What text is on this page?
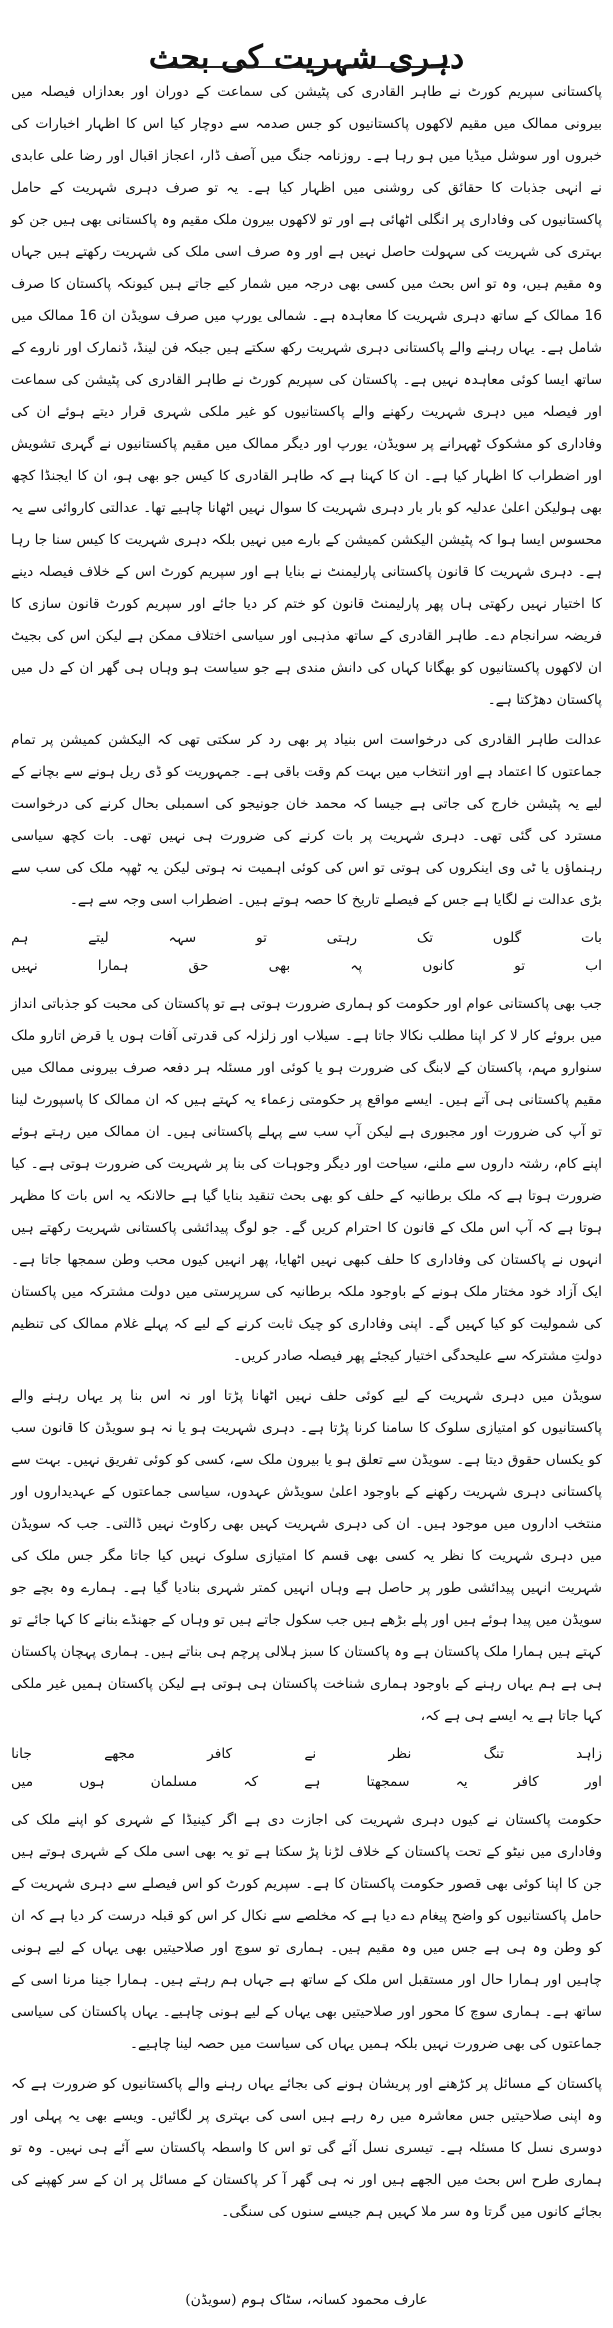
دہری شہریت کی بحث

پاکستانی سپریم کورٹ نے طاہر القادری کی پٹیشن کی سماعت کے دوران اور بعدازاں فیصلہ میں بیرونی ممالک میں مقیم لاکھوں پاکستانیوں کو جس صدمہ سے دوچار کیا اس کا اظہار اخبارات کی خبروں اور سوشل میڈیا میں ہو رہا ہے۔ روزنامہ جنگ میں آصف ڈار، اعجاز اقبال اور رضا علی عابدی نے انہی جذبات کا حقائق کی روشنی میں اظہار کیا ہے۔ یہ تو صرف دہری شہریت کے حامل پاکستانیوں کی وفاداری پر انگلی اٹھائی ہے اور تو لاکھوں بیرون ملک مقیم وہ پاکستانی بھی ہیں جن کو بہتری کی شہریت کی سہولت حاصل نہیں ہے اور وہ صرف اسی ملک کی شہریت رکھتے ہیں جہاں وہ مقیم ہیں، وہ تو اس بحث میں کسی بھی درجہ میں شمار کیے جاتے ہیں کیونکہ پاکستان کا صرف 16 ممالک کے ساتھ دہری شہریت کا معاہدہ ہے۔ شمالی یورپ میں صرف سویڈن ان 16 ممالک میں شامل ہے۔ یہاں رہنے والے پاکستانی دہری شہریت رکھ سکتے ہیں جبکہ فن لینڈ، ڈنمارک اور ناروے کے ساتھ ایسا کوئی معاہدہ نہیں ہے۔ پاکستان کی سپریم کورٹ نے طاہر القادری کی پٹیشن کی سماعت اور فیصلہ میں دہری شہریت رکھنے والے پاکستانیوں کو غیر ملکی شہری قرار دیتے ہوئے ان کی وفاداری کو مشکوک ٹھہرانے پر سویڈن، یورپ اور دیگر ممالک میں مقیم پاکستانیوں نے گہری تشویش اور اضطراب کا اظہار کیا ہے۔ ان کا کہنا ہے کہ طاہر القادری کا کیس جو بھی ہو، ان کا ایجنڈا کچھ بھی ہولیکن اعلیٰ عدلیہ کو بار بار دہری شہریت کا سوال نہیں اٹھانا چاہیے تھا۔ عدالتی کاروائی سے یہ محسوس ایسا ہوا کہ پٹیشن الیکشن کمیشن کے بارے میں نہیں بلکہ دہری شہریت کا کیس سنا جا رہا ہے۔ دہری شہریت کا قانون پاکستانی پارلیمنٹ نے بنایا ہے اور سپریم کورٹ اس کے خلاف فیصلہ دینے کا اختیار نہیں رکھتی ہاں پھر پارلیمنٹ قانون کو ختم کر دیا جائے اور سپریم کورٹ قانون سازی کا فریضہ سرانجام دے۔ طاہر القادری کے ساتھ مذہبی اور سیاسی اختلاف ممکن ہے لیکن اس کی بجیٹ ان لاکھوں پاکستانیوں کو بھگانا کہاں کی دانش مندی ہے جو سیاست ہو وہاں ہی گھر ان کے دل میں پاکستان دھڑکتا ہے۔

عدالت طاہر القادری کی درخواست اس بنیاد پر بھی رد کر سکتی تھی کہ الیکشن کمیشن پر تمام جماعتوں کا اعتماد ہے اور انتخاب میں بہت کم وقت باقی ہے۔ جمہوریت کو ڈی ریل ہونے سے بچانے کے لیے یہ پٹیشن خارج کی جاتی ہے جیسا کہ محمد خان جونیجو کی اسمبلی بحال کرنے کی درخواست مسترد کی گئی تھی۔ دہری شہریت پر بات کرنے کی ضرورت ہی نہیں تھی۔ بات کچھ سیاسی رہنماؤں یا ٹی وی اینکروں کی ہوتی تو اس کی کوئی اہمیت نہ ہوتی لیکن یہ ٹھپہ ملک کی سب سے بڑی عدالت نے لگایا ہے جس کے فیصلے تاریخ کا حصہ ہوتے ہیں۔ اضطراب اسی وجہ سے ہے۔

بات
گلوں
تک
رہتی
تو
سہہ
لیتے
ہم
اب
تو
کانوں
پہ
بھی
حق
ہمارا
نہیں

جب بھی پاکستانی عوام اور حکومت کو ہماری ضرورت ہوتی ہے تو پاکستان کی محبت کو جذباتی انداز میں بروئے کار لا کر اپنا مطلب نکالا جاتا ہے۔ سیلاب اور زلزلہ کی قدرتی آفات ہوں یا قرض اتارو ملک سنوارو مہم، پاکستان کے لابنگ کی ضرورت ہو یا کوئی اور مسئلہ ہر دفعہ صرف بیرونی ممالک میں مقیم پاکستانی ہی آتے ہیں۔ ایسے مواقع پر حکومتی زعماء یہ کہتے ہیں کہ ان ممالک کا پاسپورٹ لینا تو آپ کی ضرورت اور مجبوری ہے لیکن آپ سب سے پہلے پاکستانی ہیں۔ ان ممالک میں رہتے ہوئے اپنے کام، رشتہ داروں سے ملنے، سیاحت اور دیگر وجوہات کی بنا پر شہریت کی ضرورت ہوتی ہے۔ کیا ضرورت ہوتا ہے کہ ملک برطانیہ کے حلف کو بھی بحث تنقید بنایا گیا ہے حالانکہ یہ اس بات کا مظہر ہوتا ہے کہ آپ اس ملک کے قانون کا احترام کریں گے۔ جو لوگ پیدائشی پاکستانی شہریت رکھتے ہیں انہوں نے پاکستان کی وفاداری کا حلف کبھی نہیں اٹھایا، پھر انہیں کیوں محب وطن سمجھا جاتا ہے۔ ایک آزاد خود مختار ملک ہونے کے باوجود ملکہ برطانیہ کی سرپرستی میں دولت مشترکہ میں پاکستان کی شمولیت کو کیا کہیں گے۔ اپنی وفاداری کو چیک ثابت کرنے کے لیے کہ پہلے غلام ممالک کی تنظیم دولتِ مشترکہ سے علیحدگی اختیار کیجئے پھر فیصلہ صادر کریں۔

سویڈن میں دہری شہریت کے لیے کوئی حلف نہیں اٹھانا پڑتا اور نہ اس بنا پر یہاں رہنے والے پاکستانیوں کو امتیازی سلوک کا سامنا کرنا پڑتا ہے۔ دہری شہریت ہو یا نہ ہو سویڈن کا قانون سب کو یکساں حقوق دیتا ہے۔ سویڈن سے تعلق ہو یا بیرون ملک سے، کسی کو کوئی تفریق نہیں۔ بہت سے پاکستانی دہری شہریت رکھنے کے باوجود اعلیٰ سویڈش عہدوں، سیاسی جماعتوں کے عہدیداروں اور منتخب اداروں میں موجود ہیں۔ ان کی دہری شہریت کہیں بھی رکاوٹ نہیں ڈالتی۔ جب کہ سویڈن میں دہری شہریت کا نظر یہ کسی بھی قسم کا امتیازی سلوک نہیں کیا جاتا مگر جس ملک کی شہریت انہیں پیدائشی طور پر حاصل ہے وہاں انہیں کمتر شہری بنادیا گیا ہے۔ ہمارے وہ بچے جو سویڈن میں پیدا ہوئے ہیں اور پلے بڑھے ہیں جب سکول جاتے ہیں تو وہاں کے جھنڈے بنانے کا کہا جائے تو کہتے ہیں ہمارا ملک پاکستان ہے وہ پاکستان کا سبز ہلالی پرچم ہی بناتے ہیں۔ ہماری پہچان پاکستان ہی ہے ہم یہاں رہنے کے باوجود ہماری شناخت پاکستان ہی ہوتی ہے لیکن پاکستان ہمیں غیر ملکی کہا جاتا ہے یہ ایسے ہی ہے کہ،

زاہد
تنگ
نظر
نے
کافر
مجھے
جانا
اور
کافر
یہ
سمجھتا
ہے
کہ
مسلمان
ہوں
میں

حکومت پاکستان نے کیوں دہری شہریت کی اجازت دی ہے اگر کینیڈا کے شہری کو اپنے ملک کی وفاداری میں نیٹو کے تحت پاکستان کے خلاف لڑنا پڑ سکتا ہے تو یہ بھی اسی ملک کے شہری ہوتے ہیں جن کا اپنا کوئی بھی قصور حکومت پاکستان کا ہے۔ سپریم کورٹ کو اس فیصلے سے دہری شہریت کے حامل پاکستانیوں کو واضح پیغام دے دیا ہے کہ مخلصے سے نکال کر اس کو قبلہ درست کر دیا ہے کہ ان کو وطن وہ ہی ہے جس میں وہ مقیم ہیں۔ ہماری تو سوچ اور صلاحیتیں بھی یہاں کے لیے ہونی چاہیں اور ہمارا حال اور مستقبل اس ملک کے ساتھ ہے جہاں ہم رہتے ہیں۔ ہمارا جینا مرنا اسی کے ساتھ ہے۔ ہماری سوچ کا محور اور صلاحیتیں بھی یہاں کے لیے ہونی چاہیے۔ یہاں پاکستان کی سیاسی جماعتوں کی بھی ضرورت نہیں بلکہ ہمیں یہاں کی سیاست میں حصہ لینا چاہیے۔

پاکستان کے مسائل پر کڑھنے اور پریشان ہونے کی بجائے یہاں رہنے والے پاکستانیوں کو ضرورت ہے کہ وہ اپنی صلاحیتیں جس معاشرہ میں رہ رہے ہیں اسی کی بہتری پر لگائیں۔ ویسے بھی یہ پہلی اور دوسری نسل کا مسئلہ ہے۔ تیسری نسل آئے گی تو اس کا واسطہ پاکستان سے آئے ہی نہیں۔ وہ تو ہماری طرح اس بحث میں الجھے ہیں اور نہ ہی گھر آ کر پاکستان کے مسائل پر ان کے سر کھپنے کی بجائے کانوں میں گرتا وہ سر ملا کہیں ہم جیسے سنوں کی سنگی۔

عارف محمود کسانہ، سٹاک ہوم (سویڈن)
